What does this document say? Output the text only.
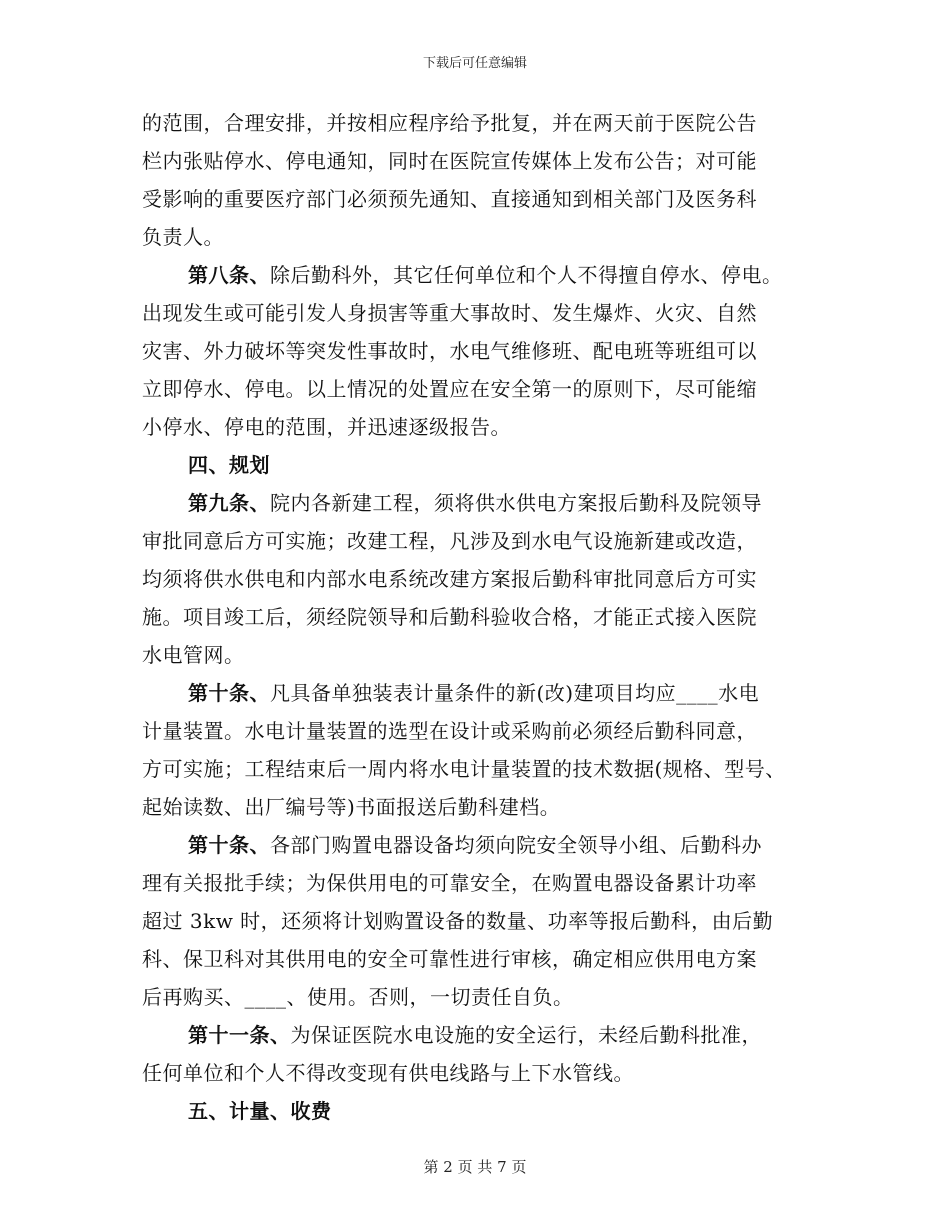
下载后可任意编辑
的范围，合理安排，并按相应程序给予批复，并在两天前于医院公告
栏内张贴停水、停电通知，同时在医院宣传媒体上发布公告；对可能
受影响的重要医疗部门必须预先通知、直接通知到相关部门及医务科
负责人。
第八条、除后勤科外，其它任何单位和个人不得擅自停水、停电。
出现发生或可能引发人身损害等重大事故时、发生爆炸、火灾、自然
灾害、外力破坏等突发性事故时，水电气维修班、配电班等班组可以
立即停水、停电。以上情况的处置应在安全第一的原则下，尽可能缩
小停水、停电的范围，并迅速逐级报告。
四、规划
第九条、院内各新建工程，须将供水供电方案报后勤科及院领导
审批同意后方可实施；改建工程，凡涉及到水电气设施新建或改造，
均须将供水供电和内部水电系统改建方案报后勤科审批同意后方可实
施。项目竣工后，须经院领导和后勤科验收合格，才能正式接入医院
水电管网。
第十条、凡具备单独装表计量条件的新(改)建项目均应____水电
计量装置。水电计量装置的选型在设计或采购前必须经后勤科同意，
方可实施；工程结束后一周内将水电计量装置的技术数据(规格、型号、
起始读数、出厂编号等)书面报送后勤科建档。
第十条、各部门购置电器设备均须向院安全领导小组、后勤科办
理有关报批手续；为保供用电的可靠安全，在购置电器设备累计功率
超过 3kw 时，还须将计划购置设备的数量、功率等报后勤科，由后勤
科、保卫科对其供用电的安全可靠性进行审核，确定相应供用电方案
后再购买、____、使用。否则，一切责任自负。
第十一条、为保证医院水电设施的安全运行，未经后勤科批准，
任何单位和个人不得改变现有供电线路与上下水管线。
五、计量、收费
第 2 页 共 7 页
